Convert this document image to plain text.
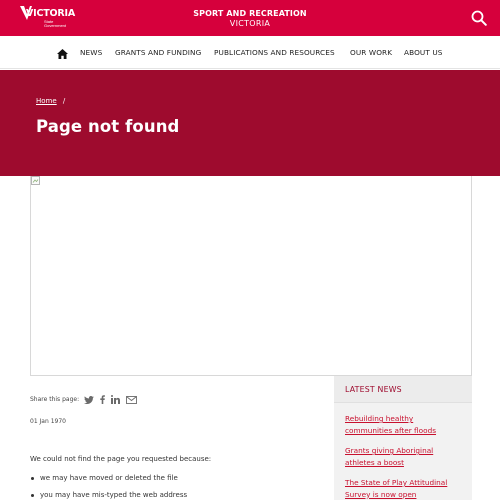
VICTORIA
State
Government
SPORT AND RECREATION
VICTORIA
NEWS GRANTS AND FUNDING PUBLICATIONS AND RESOURCES OUR WORK ABOUT US
Home /
Page not found
Share this page:
01 Jan 1970

We could not find the page you requested because:

we may have moved or deleted the file
you may have mis-typed the web address
LATEST NEWS
Rebuilding healthy
communities after floods
Grants giving Aboriginal
athletes a boost
The State of Play Attitudinal
Survey is now open
